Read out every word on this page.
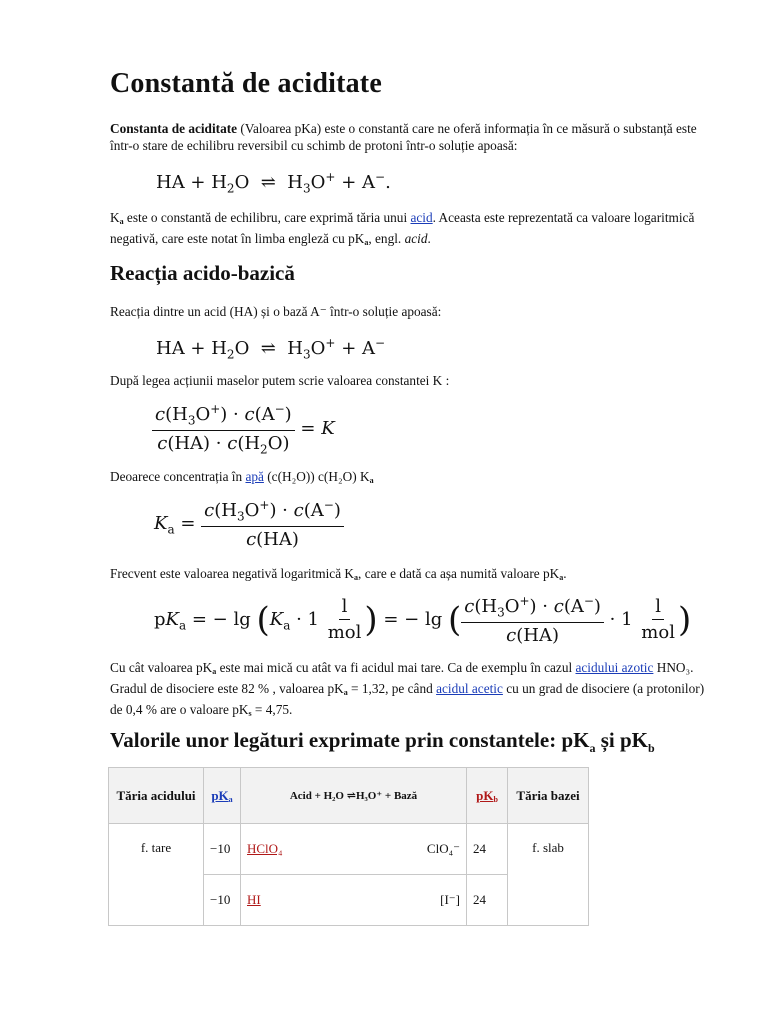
Constantă de aciditate

Constanta de aciditate (Valoarea pKa) este o constantă care ne oferă informația în ce măsură o substanță este într-o stare de echilibru reversibil cu schimb de protoni într-o soluție apoasă:

HA + $H_2O$  ⇌  $H_3O^+ + A^-$.

$K_a$ este o constantă de echilibru, care exprimă tăria unui acid. Aceasta este reprezentată ca valoare logaritmică negativă, care este notat în limba engleză cu $pK_a$, engl. acid.

Reacția acido-bazică

Reacția dintre un acid (HA) și o bază A⁻ într-o soluție apoasă:

HA + $H_2O$  ⇌  $H_3O^+ + A^-$

După legea acțiunii maselor putem scrie valoarea constantei K :

$\frac{c(H_3O^+) \cdot c(A^-)}{c(HA) \cdot c(H_2O)} = K$

Deoarece concentrația în apă (c(H₂O)) c(H₂O) $K_a$

$K_a = \frac{c(H_3O^+) \cdot c(A^-)}{c(HA)}$

Frecvent este valoarea negativă logaritmică $K_a$, care e dată ca așa numită valoare $pK_a$.

$pK_a$ = − $\lg (K_a \cdot 1 \frac{l}{\text{mol}}$ ) = − lg ( $\frac{c(H_3O^+) \cdot c(A^-)}{c(HA)} \cdot 1 \frac{l}{\text{mol}}$ )

Cu cât valoarea $pK_a$ este mai mică cu atât va fi acidul mai tare. Ca de exemplu în cazul acidului azotic HNO₃. Gradul de disociere este 82 % , valoarea $pK_a = 1,32$, pe când acidul acetic cu un grad de disociere (a protonilor) de 0,4 % are o valoare $pK_s = 4,75$.

Valorile unor legături exprimate prin constantele: $pK_a$ și $pK_b$
Tăria acidului	$pK_a$	Acid + H₂O ⇌H₃O⁺ + Bază	$pK_b$	Tăria bazei
f. tare	−10	HClO₄ ClO₄⁻	24	f. slab
	−10	HI [I⁻]	24	
